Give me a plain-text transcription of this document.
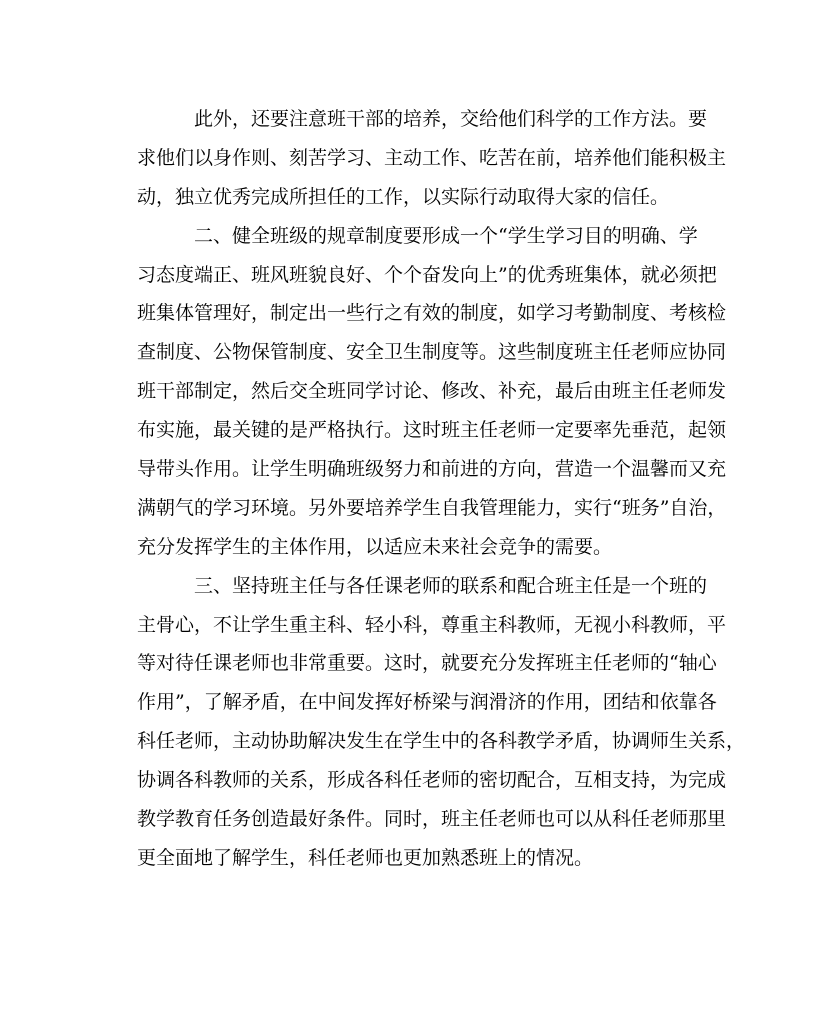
此外，还要注意班干部的培养，交给他们科学的工作方法。要
求他们以身作则、刻苦学习、主动工作、吃苦在前，培养他们能积极主
动，独立优秀完成所担任的工作，以实际行动取得大家的信任。

二、健全班级的规章制度要形成一个“学生学习目的明确、学
习态度端正、班风班貌良好、个个奋发向上”的优秀班集体，就必须把
班集体管理好，制定出一些行之有效的制度，如学习考勤制度、考核检
查制度、公物保管制度、安全卫生制度等。这些制度班主任老师应协同
班干部制定，然后交全班同学讨论、修改、补充，最后由班主任老师发
布实施，最关键的是严格执行。这时班主任老师一定要率先垂范，起领
导带头作用。让学生明确班级努力和前进的方向，营造一个温馨而又充
满朝气的学习环境。另外要培养学生自我管理能力，实行“班务”自治，
充分发挥学生的主体作用，以适应未来社会竞争的需要。

三、坚持班主任与各任课老师的联系和配合班主任是一个班的
主骨心，不让学生重主科、轻小科，尊重主科教师，无视小科教师，平
等对待任课老师也非常重要。这时，就要充分发挥班主任老师的“轴心
作用”，了解矛盾，在中间发挥好桥梁与润滑济的作用，团结和依靠各
科任老师，主动协助解决发生在学生中的各科教学矛盾，协调师生关系，
协调各科教师的关系，形成各科任老师的密切配合，互相支持，为完成
教学教育任务创造最好条件。同时，班主任老师也可以从科任老师那里
更全面地了解学生，科任老师也更加熟悉班上的情况。
